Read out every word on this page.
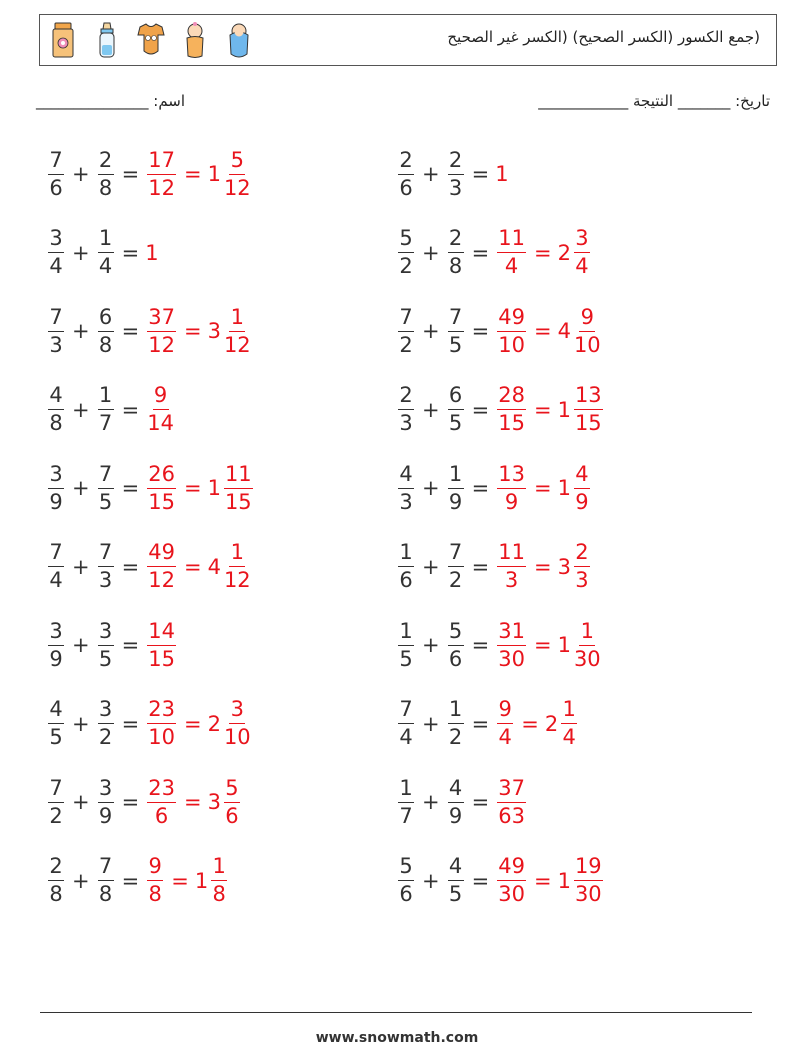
(جمع الكسور (الكسر الصحيح) (الكسر غير الصحيح
اسم: _______________	تاريخ: _______ النتيجة ____________
$\frac{7}{6} + \frac{2}{8} = \frac{17}{12} = 1 \frac{5}{12}$	$\frac{2}{6} + \frac{2}{3} = 1$
$\frac{3}{4} + \frac{1}{4} = 1$	$\frac{5}{2} + \frac{2}{8} = \frac{11}{4} = 2 \frac{3}{4}$
$\frac{7}{3} + \frac{6}{8} = \frac{37}{12} = 3 \frac{1}{12}$	$\frac{7}{2} + \frac{7}{5} = \frac{49}{10} = 4 \frac{9}{10}$
$\frac{4}{8} + \frac{1}{7} = \frac{9}{14}$	$\frac{2}{3} + \frac{6}{5} = \frac{28}{15} = 1 \frac{13}{15}$
$\frac{3}{9} + \frac{7}{5} = \frac{26}{15} = 1 \frac{11}{15}$	$\frac{4}{3} + \frac{1}{9} = \frac{13}{9} = 1 \frac{4}{9}$
$\frac{7}{4} + \frac{7}{3} = \frac{49}{12} = 4 \frac{1}{12}$	$\frac{1}{6} + \frac{7}{2} = \frac{11}{3} = 3 \frac{2}{3}$
$\frac{3}{9} + \frac{3}{5} = \frac{14}{15}$	$\frac{1}{5} + \frac{5}{6} = \frac{31}{30} = 1 \frac{1}{30}$
$\frac{4}{5} + \frac{3}{2} = \frac{23}{10} = 2 \frac{3}{10}$	$\frac{7}{4} + \frac{1}{2} = \frac{9}{4} = 2 \frac{1}{4}$
$\frac{7}{2} + \frac{3}{9} = \frac{23}{6} = 3 \frac{5}{6}$	$\frac{1}{7} + \frac{4}{9} = \frac{37}{63}$
$\frac{2}{8} + \frac{7}{8} = \frac{9}{8} = 1 \frac{1}{8}$	$\frac{5}{6} + \frac{4}{5} = \frac{49}{30} = 1 \frac{19}{30}$
www.snowmath.com
